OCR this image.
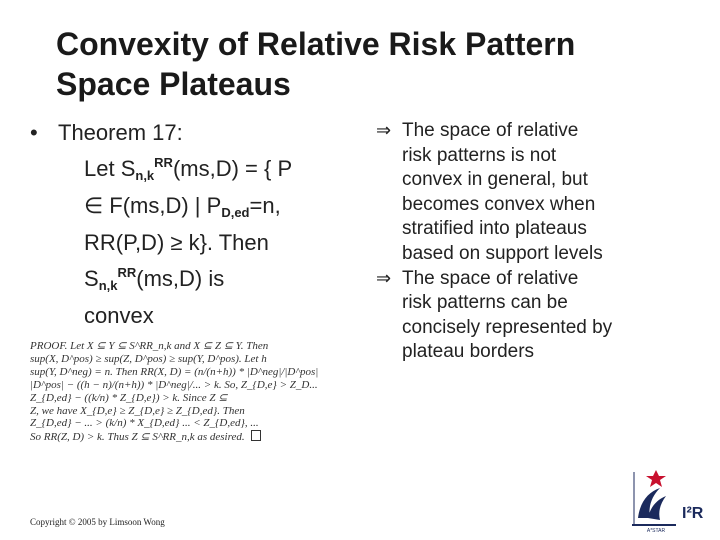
Convexity of Relative Risk Pattern
Space Plateaus
• Theorem 17:
Let $S_{n,k}^{RR}(ms,D)$ = { P
∈ F(ms,D) | $P_{D,ed}=n$,
RR(P,D) ≥ k}. Then
$S_{n,k}^{RR}(ms,D)$ is
convex
⇒ The space of relative
risk patterns is not
convex in general, but
becomes convex when
stratified into plateaus
based on support levels
⇒ The space of relative
risk patterns can be
concisely represented by
plateau borders
PROOF. Let X ⊆ Y ⊆ S^RR_n,k and X ⊆ Z ⊆ Y. Then
sup(X, D^pos) ≥ sup(Z, D^pos) ≥ sup(Y, D^pos). Let h
sup(Y, D^neg) = n. Then RR(X, D) = (n/(n+h)) * |D^neg|/|D^pos|
|D^pos| − ((h − n)/(n+h)) * |D^neg|/... > k. So, Z_{D,e} > Z_D...
Z_{D,ed} − ((k/n) * Z_{D,e}) > k. Since Z ⊆
Z, we have X_{D,e} ≥ Z_{D,e} ≥ Z_{D,ed}. Then
Z_{D,ed} − ... > (k/n) * X_{D,ed} ... < Z_{D,ed}, ...
So RR(Z, D) > k. Thus Z ⊆ S^RR_n,k as desired.
Copyright © 2005 by Limsoon Wong
A*STAR
I²R
